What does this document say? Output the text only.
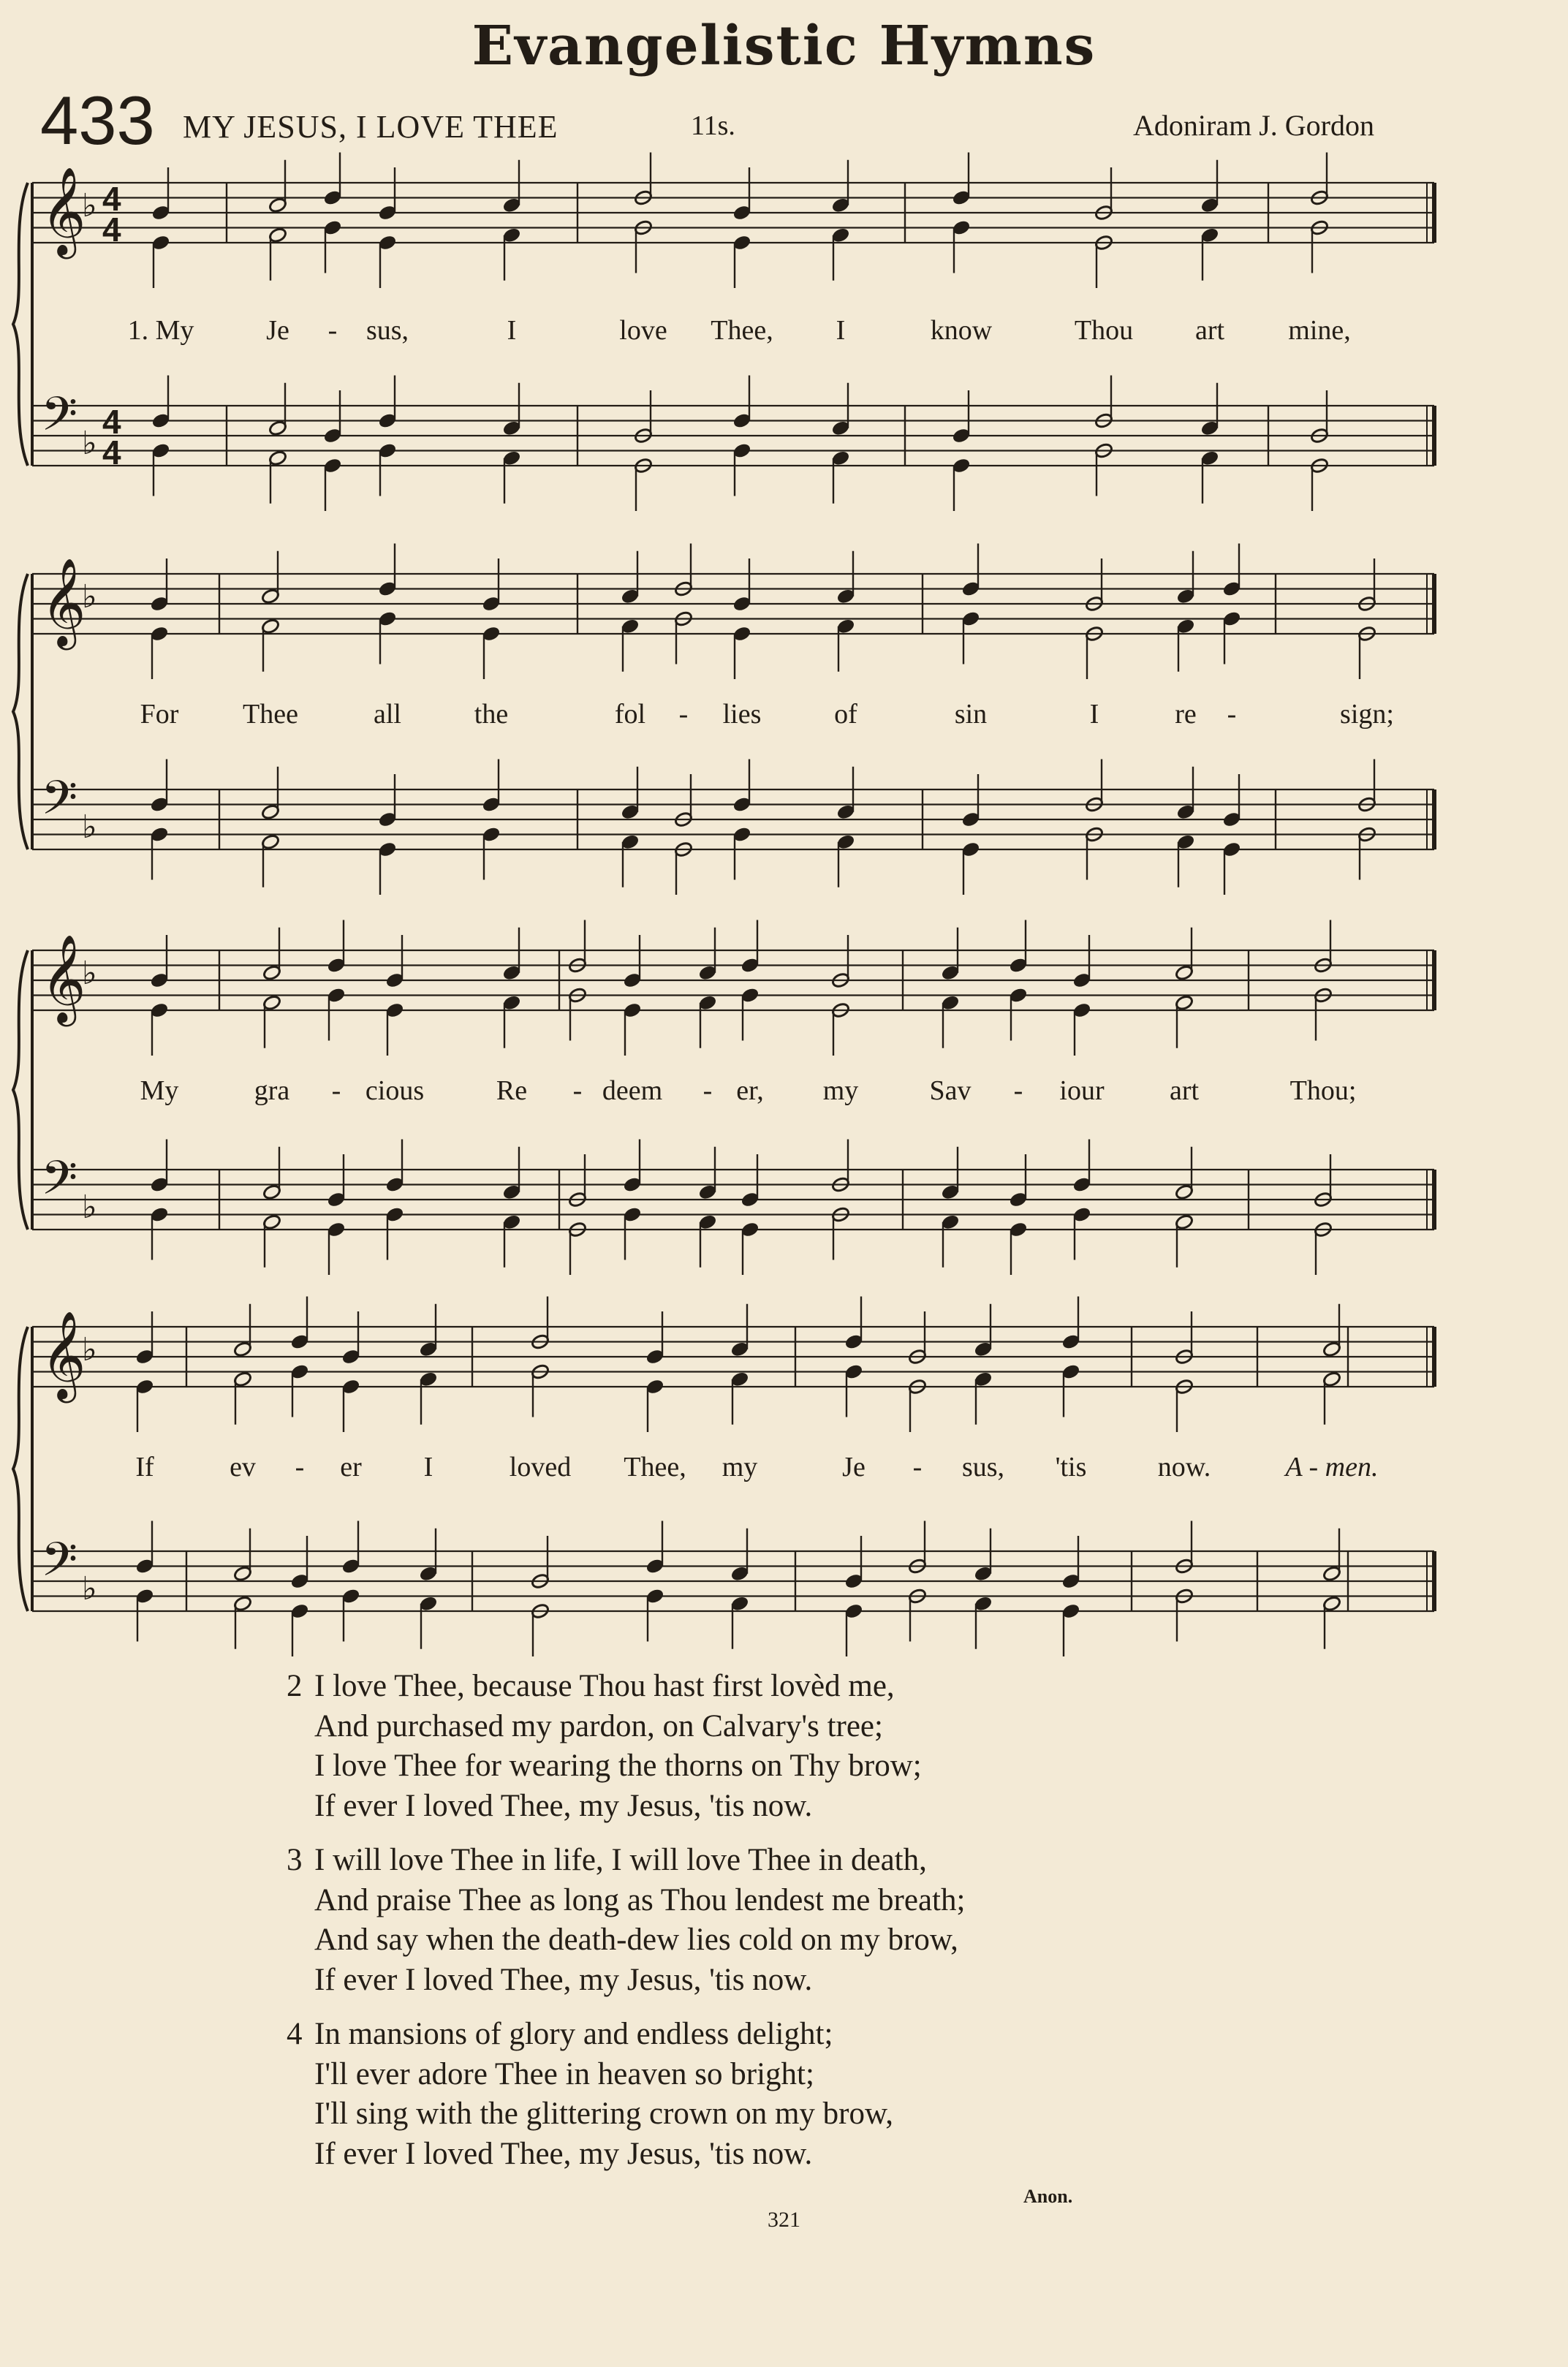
Evangelistic Hymns
433 MY JESUS, I LOVE THEE	11s.	Adoniram J. Gordon
𝄞
𝄢
♭
♭
4
4
4
4
𝄞
𝄢
♭
♭
𝄞
𝄢
♭
♭
𝄞
𝄢
♭
♭
1. My	Je - sus,	I	love Thee, I	know	Thou art mine,
For Thee	all	the	fol - lies	of	sin	I	re -	sign;
My	gra - cious	Re - deem - er, my	Sav - iour art	Thou;
If	ev - er I	loved Thee, my	Je - sus, 'tis	now.	A - men.
2 I love Thee, because Thou hast first lovèd me,
And purchased my pardon, on Calvary's tree;
I love Thee for wearing the thorns on Thy brow;
If ever I loved Thee, my Jesus, 'tis now.
3 I will love Thee in life, I will love Thee in death,
And praise Thee as long as Thou lendest me breath;
And say when the death-dew lies cold on my brow,
If ever I loved Thee, my Jesus, 'tis now.
4 In mansions of glory and endless delight;
I'll ever adore Thee in heaven so bright;
I'll sing with the glittering crown on my brow,
If ever I loved Thee, my Jesus, 'tis now.
Anon.
321
